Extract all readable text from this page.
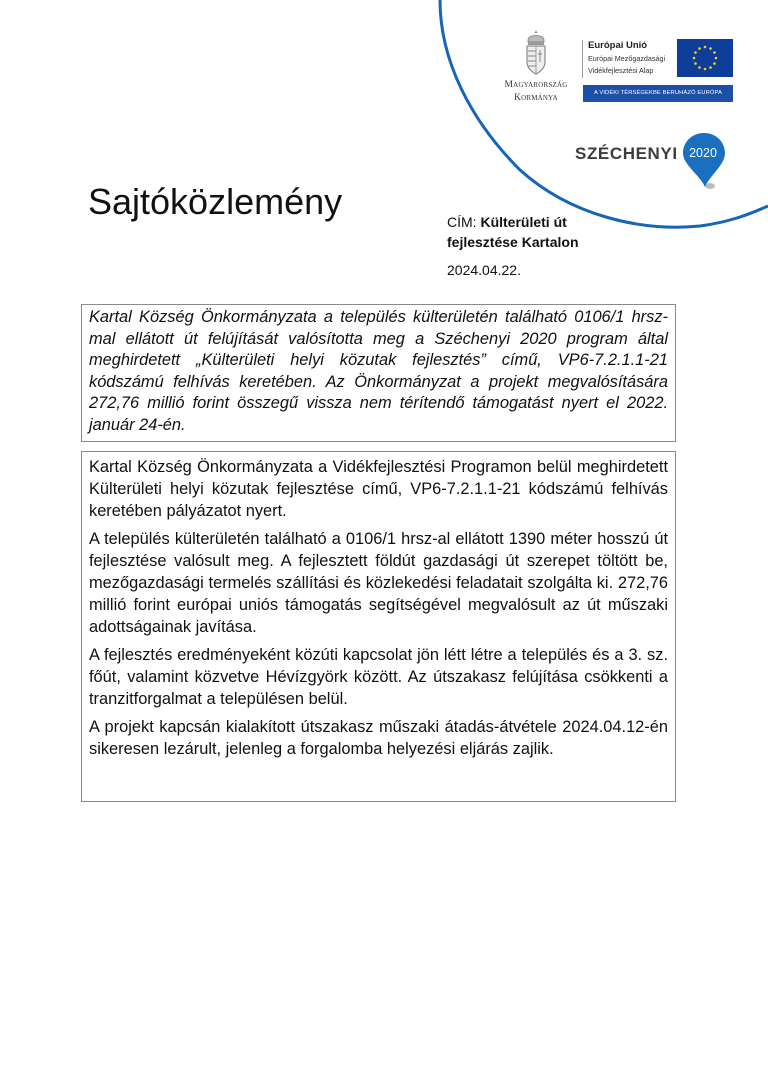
Magyarország
Kormánya
Európai Unió
Európai Mezőgazdasági
Vidékfejlesztési Alap
A VIDÉKI TÉRSÉGEKBE BERUHÁZÓ EURÓPA
SZÉCHENYI 2020
Sajtóközlemény	CÍM: Külterületi út
fejlesztése Kartalon
2024.04.22.
Kartal Község Önkormányzata a település külterületén található 0106/1 hrsz-mal ellátott út felújítását valósította meg a Széchenyi 2020 program által meghirdetett „Külterületi helyi közutak fejlesztés” című, VP6-7.2.1.1-21 kódszámú felhívás keretében. Az Önkormányzat a projekt megvalósítására 272,76 millió forint összegű vissza nem térítendő támogatást nyert el 2022. január 24-én.

Kartal Község Önkormányzata a Vidékfejlesztési Programon belül meghirdetett Külterületi helyi közutak fejlesztése című, VP6-7.2.1.1-21 kódszámú felhívás keretében pályázatot nyert.

A település külterületén található a 0106/1 hrsz-al ellátott 1390 méter hosszú út fejlesztése valósult meg. A fejlesztett földút gazdasági út szerepet töltött be, mezőgazdasági termelés szállítási és közlekedési feladatait szolgálta ki. 272,76 millió forint európai uniós támogatás segítségével megvalósult az út műszaki adottságainak javítása.

A fejlesztés eredményeként közúti kapcsolat jön létt létre a település és a 3. sz. főút, valamint közvetve Hévízgyörk között. Az útszakasz felújítása csökkenti a tranzitforgalmat a településen belül.

A projekt kapcsán kialakított útszakasz műszaki átadás-átvétele 2024.04.12-én sikeresen lezárult, jelenleg a forgalomba helyezési eljárás zajlik.
